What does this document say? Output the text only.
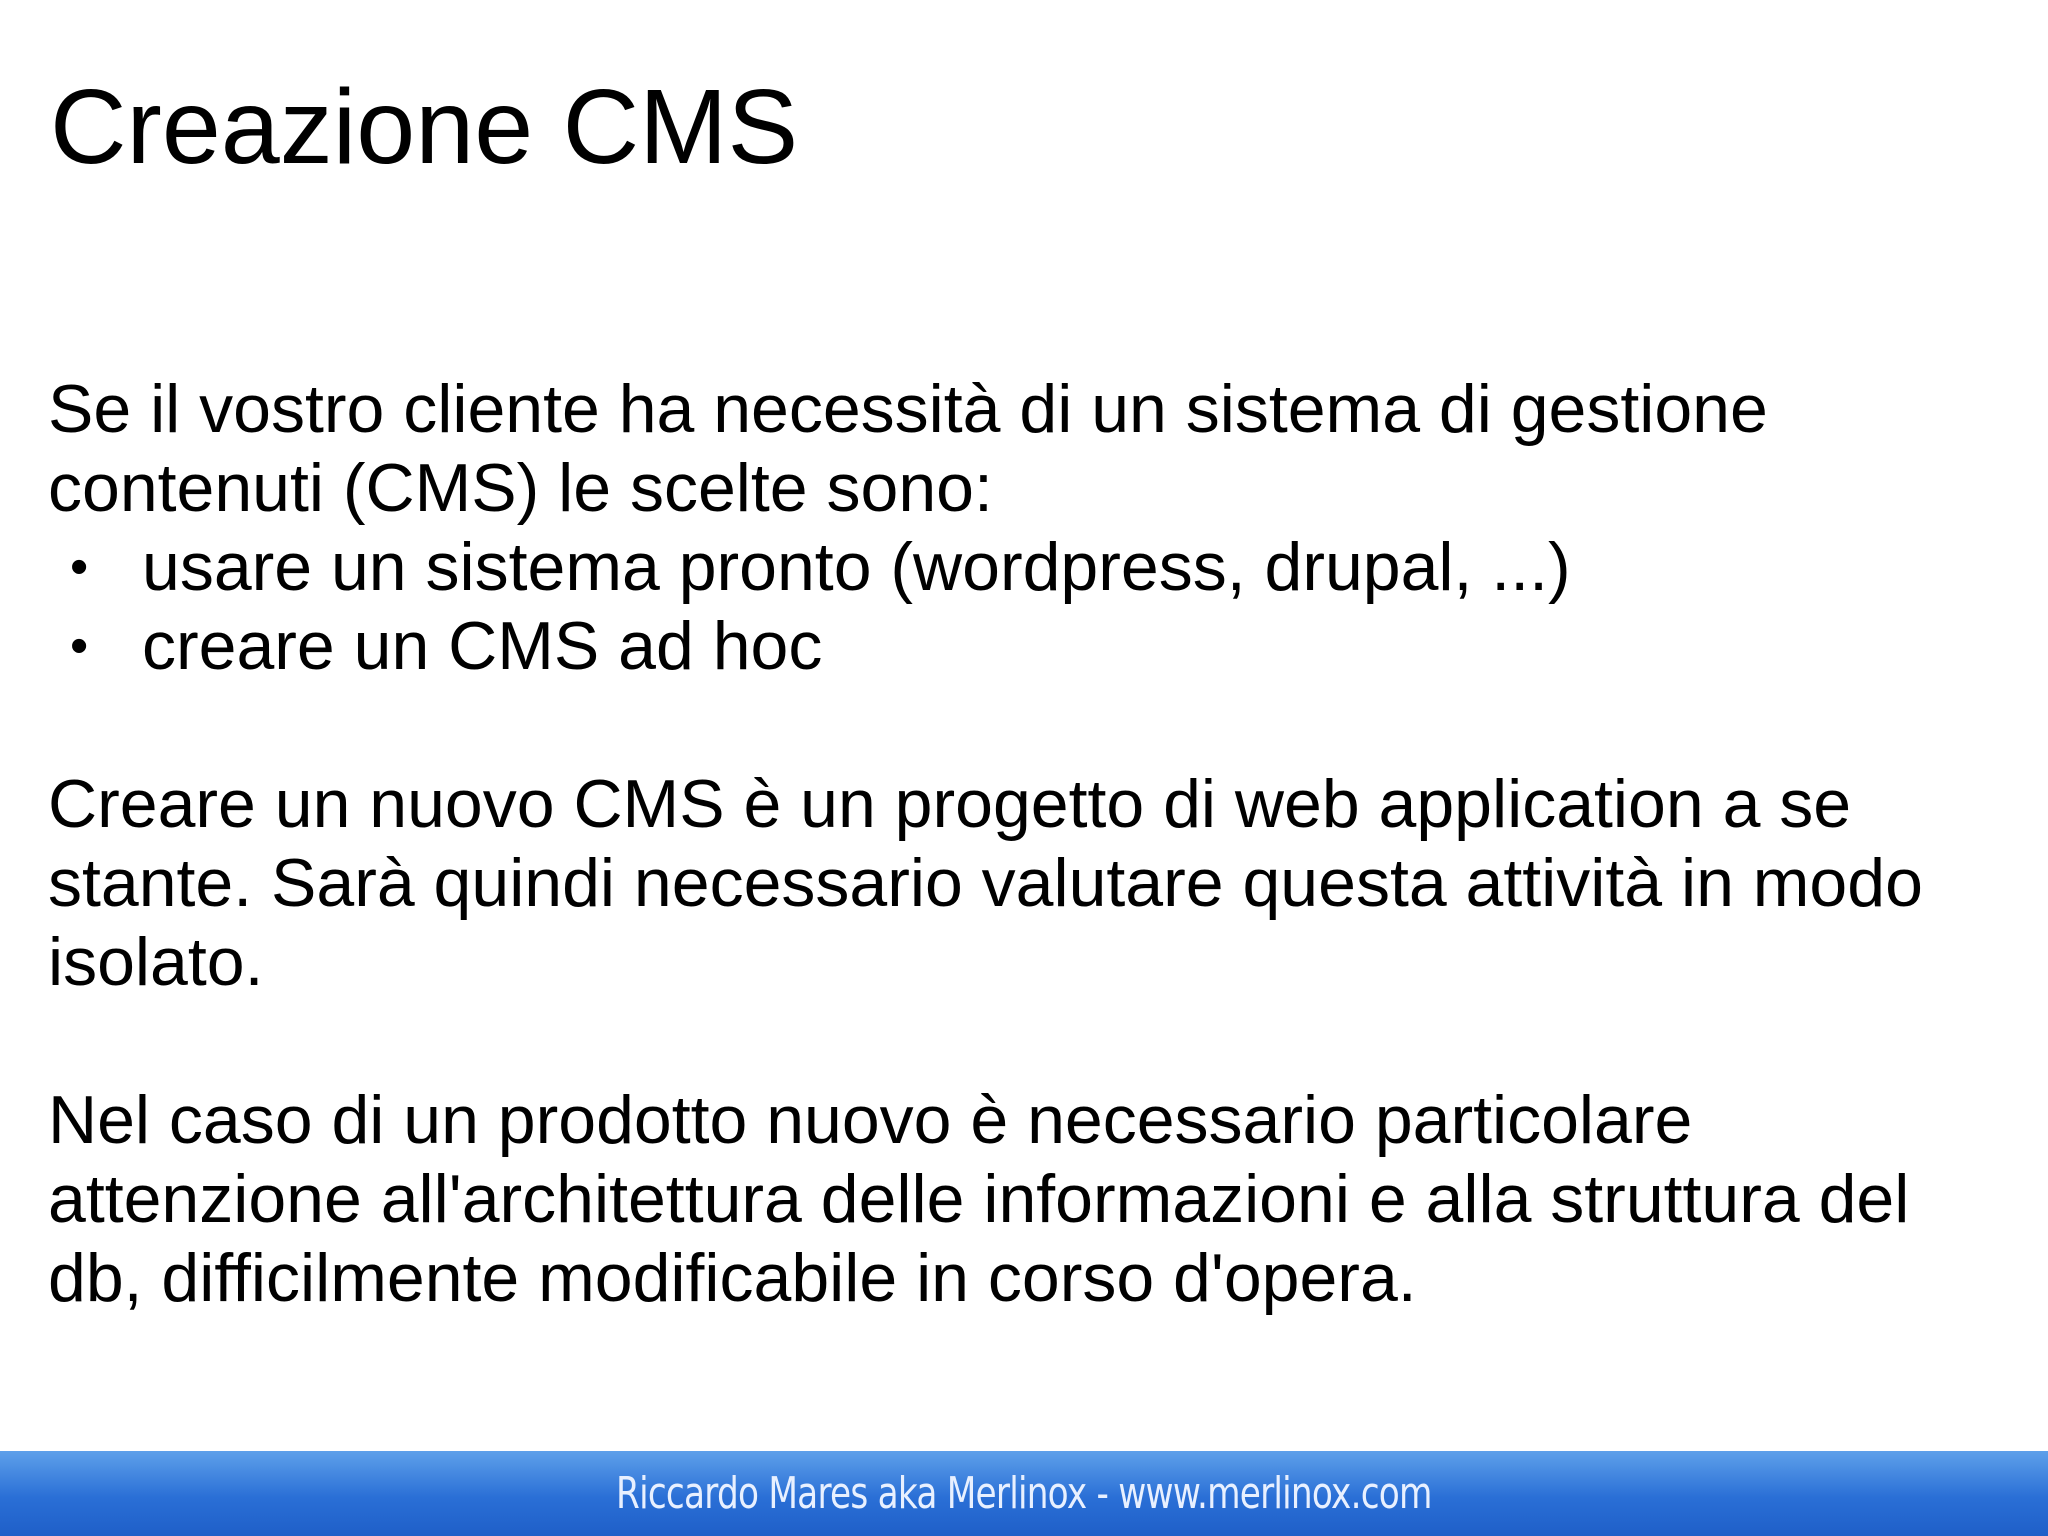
Creazione CMS

Se il vostro cliente ha necessità di un sistema di gestione contenuti (CMS) le scelte sono:

• usare un sistema pronto (wordpress, drupal, ...)
• creare un CMS ad hoc

Creare un nuovo CMS è un progetto di web application a se stante. Sarà quindi necessario valutare questa attività in modo isolato.

Nel caso di un prodotto nuovo è necessario particolare attenzione all'architettura delle informazioni e alla struttura del db, difficilmente modificabile in corso d'opera.

Riccardo Mares aka Merlinox - www.merlinox.com
